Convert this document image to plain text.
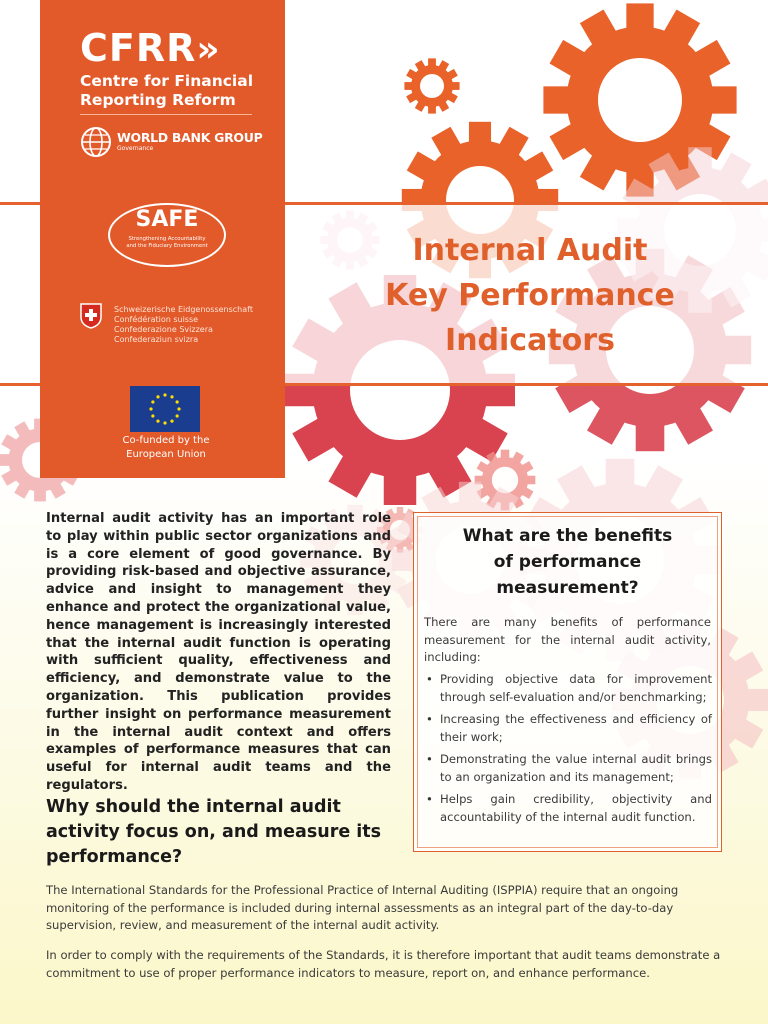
CFRR»
Centre for Financial
Reporting Reform
WORLD BANK GROUP
Governance
SAFE
Strengthening Accountability
and the Fiduciary Environment
Schweizerische Eidgenossenschaft
Confédération suisse
Confederazione Svizzera
Confederaziun svizra
Co-funded by the
European Union
Internal Audit
Key Performance
Indicators
Internal audit activity has an important role to play within public sector organizations and is a core element of good governance. By providing risk-based and objective assurance, advice and insight to management they enhance and protect the organizational value, hence management is increasingly interested that the internal audit function is operating with sufficient quality, effectiveness and efficiency, and demonstrate value to the organization. This publication provides further insight on performance measurement in the internal audit context and offers examples of performance measures that can useful for internal audit teams and the regulators.
Why should the internal audit activity focus on, and measure its performance?
The International Standards for the Professional Practice of Internal Auditing (ISPPIA) require that an ongoing monitoring of the performance is included during internal assessments as an integral part of the day-to-day supervision, review, and measurement of the internal audit activity.
In order to comply with the requirements of the Standards, it is therefore important that audit teams demonstrate a commitment to use of proper performance indicators to measure, report on, and enhance performance.
What are the benefits
of performance
measurement?
There are many benefits of performance measurement for the internal audit activity, including:
• Providing objective data for improvement through self-evaluation and/or benchmarking;
• Increasing the effectiveness and efficiency of their work;
• Demonstrating the value internal audit brings to an organization and its management;
• Helps gain credibility, objectivity and accountability of the internal audit function.
